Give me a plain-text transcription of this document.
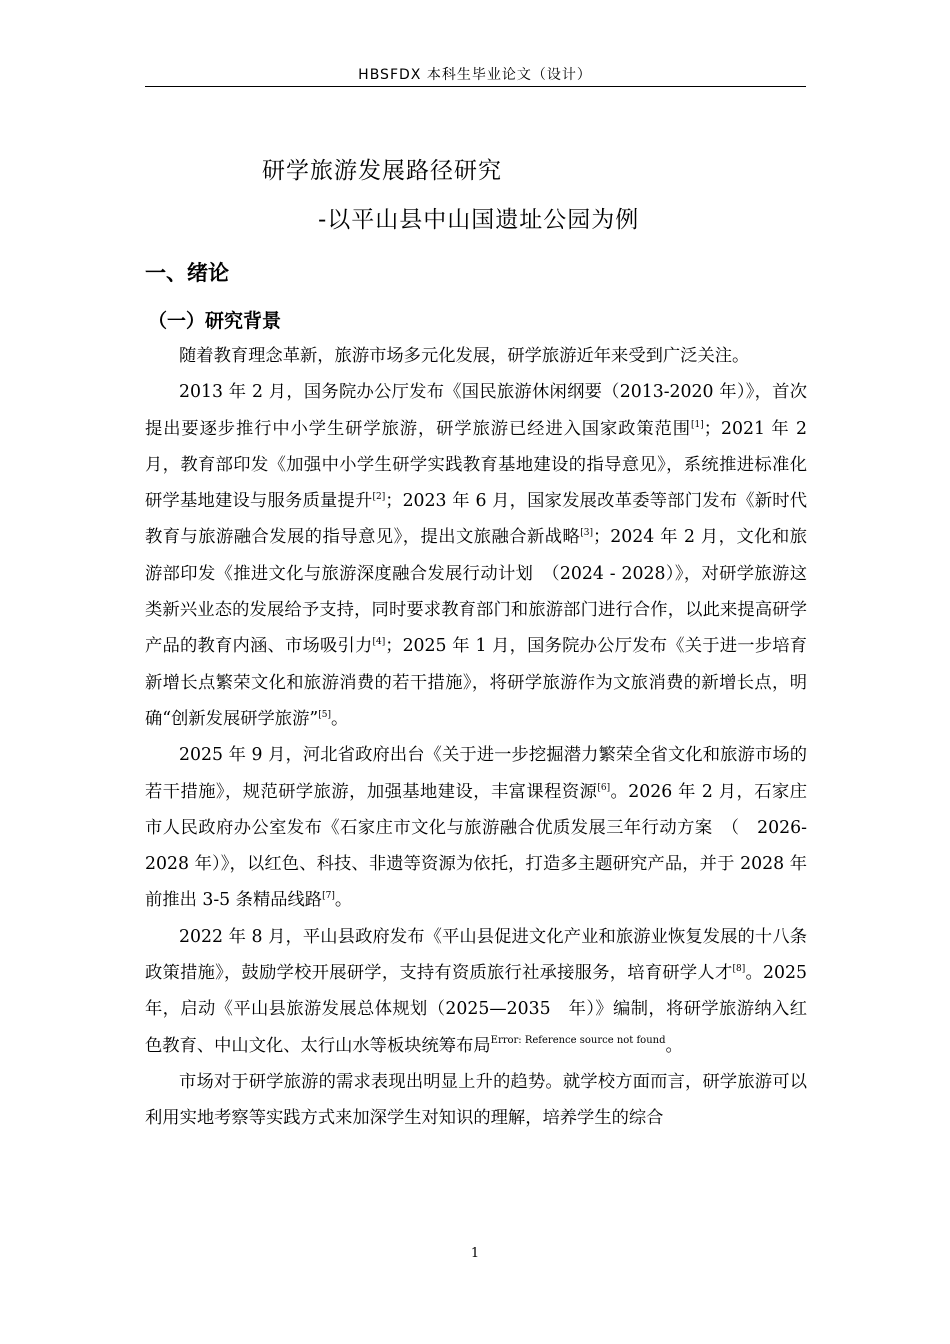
HBSFDX 本科生毕业论文（设计）
研学旅游发展路径研究
-以平山县中山国遗址公园为例
一、绪论
（一）研究背景

随着教育理念革新，旅游市场多元化发展，研学旅游近年来受到广泛关注。

2013 年 2 月，国务院办公厅发布《国民旅游休闲纲要（2013-2020 年）》，首次提出要逐步推行中小学生研学旅游，研学旅游已经进入国家政策范围[1]；2021 年 2 月，教育部印发《加强中小学生研学实践教育基地建设的指导意见》，系统推进标准化研学基地建设与服务质量提升[2]；2023 年 6 月，国家发展改革委等部门发布《新时代教育与旅游融合发展的指导意见》，提出文旅融合新战略[3]；2024 年 2 月，文化和旅游部印发《推进文化与旅游深度融合发展行动计划　（2024 - 2028）》，对研学旅游这类新兴业态的发展给予支持，同时要求教育部门和旅游部门进行合作，以此来提高研学产品的教育内涵、市场吸引力[4]；2025 年 1 月，国务院办公厅发布《关于进一步培育新增长点繁荣文化和旅游消费的若干措施》，将研学旅游作为文旅消费的新增长点，明确“创新发展研学旅游”[5]。

2025 年 9 月，河北省政府出台《关于进一步挖掘潜力繁荣全省文化和旅游市场的若干措施》，规范研学旅游，加强基地建设，丰富课程资源[6]。2026 年 2 月，石家庄市人民政府办公室发布《石家庄市文化与旅游融合优质发展三年行动方案　（　2026-2028 年）》，以红色、科技、非遗等资源为依托，打造多主题研究产品，并于 2028 年前推出 3-5 条精品线路[7]。

2022 年 8 月，平山县政府发布《平山县促进文化产业和旅游业恢复发展的十八条政策措施》，鼓励学校开展研学，支持有资质旅行社承接服务，培育研学人才[8]。2025 年，启动《平山县旅游发展总体规划（2025—2035　年）》编制，将研学旅游纳入红色教育、中山文化、太行山水等板块统筹布局$^{Error: Reference source not found}$。

市场对于研学旅游的需求表现出明显上升的趋势。就学校方面而言，研学旅游可以利用实地考察等实践方式来加深学生对知识的理解，培养学生的综合

1
